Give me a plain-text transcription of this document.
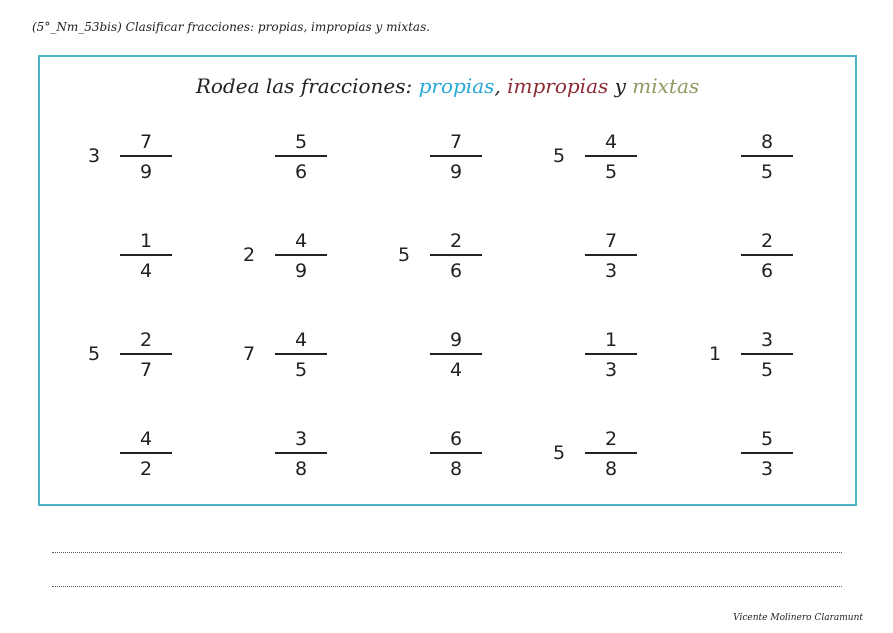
(5°_Nm_53bis) Clasificar fracciones: propias, impropias y mixtas.
Rodea las fracciones: propias, impropias y mixtas
7
9
3
5
6
7
9
4
5
5
8
5
1
4
4
9
2
2
6
5
7
3
2
6
2
7
5
4
5
7
9
4
1
3
3
5
1
4
2
3
8
6
8
2
8
5
5
3
Vicente Molinero Claramunt
